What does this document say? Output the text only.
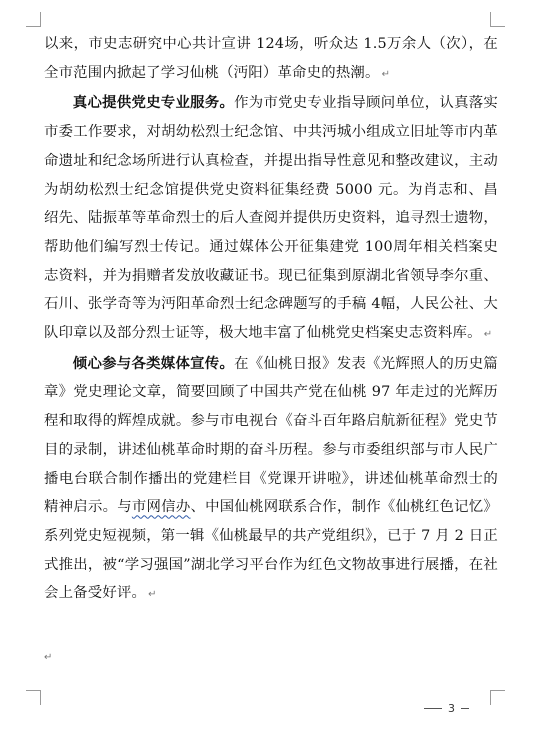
以来，市史志研究中心共计宣讲 124场，听众达 1.5万余人（次），在全市范围内掀起了学习仙桃（沔阳）革命史的热潮。 ↵

真心提供党史专业服务。作为市党史专业指导顾问单位，认真落实市委工作要求，对胡幼松烈士纪念馆、中共沔城小组成立旧址等市内革命遗址和纪念场所进行认真检查，并提出指导性意见和整改建议，主动为胡幼松烈士纪念馆提供党史资料征集经费 5000 元。为肖志和、昌绍先、陆振革等革命烈士的后人查阅并提供历史资料，追寻烈士遗物，帮助他们编写烈士传记。通过媒体公开征集建党 100周年相关档案史志资料，并为捐赠者发放收藏证书。现已征集到原湖北省领导李尔重、石川、张学奇等为沔阳革命烈士纪念碑题写的手稿 4幅，人民公社、大队印章以及部分烈士证等，极大地丰富了仙桃党史档案史志资料库。 ↵

倾心参与各类媒体宣传。在《仙桃日报》发表《光辉照人的历史篇章》党史理论文章，简要回顾了中国共产党在仙桃 97 年走过的光辉历程和取得的辉煌成就。参与市电视台《奋斗百年路启航新征程》党史节目的录制，讲述仙桃革命时期的奋斗历程。参与市委组织部与市人民广播电台联合制作播出的党建栏目《党课开讲啦》，讲述仙桃革命烈士的精神启示。与市网信办、中国仙桃网联系合作，制作《仙桃红色记忆》系列党史短视频，第一辑《仙桃最早的共产党组织》，已于 7 月 2 日正式推出，被“学习强国”湖北学习平台作为红色文物故事进行展播，在社会上备受好评。 ↵

↵
3
